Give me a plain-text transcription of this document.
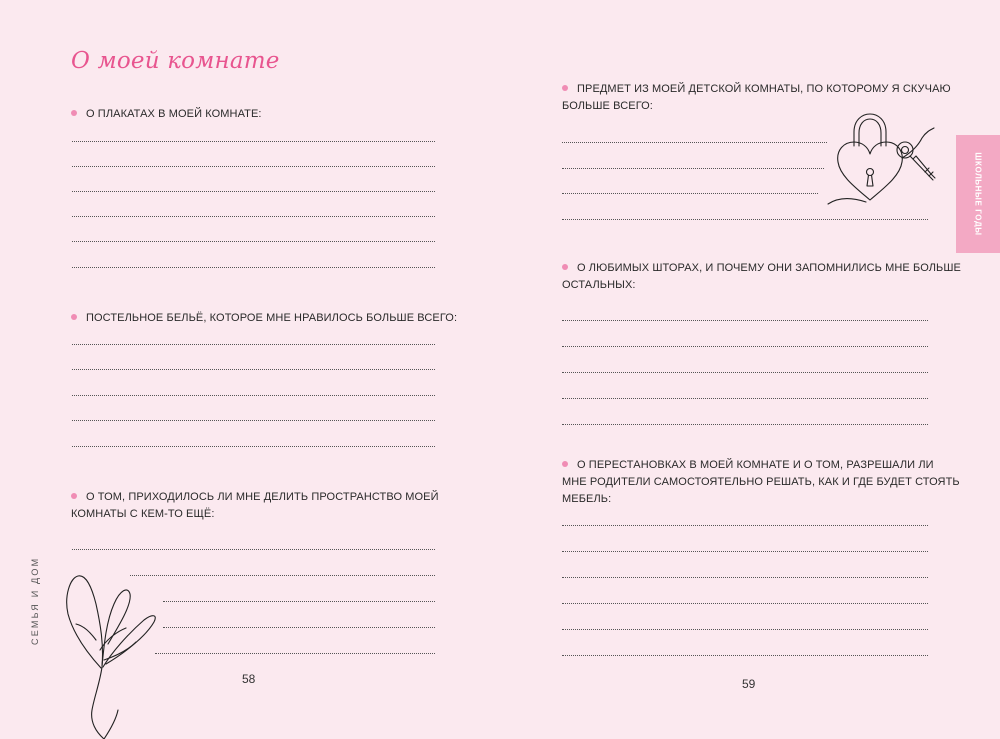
О моей комнате
О ПЛАКАТАХ В МОЕЙ КОМНАТЕ:
ПОСТЕЛЬНОЕ БЕЛЬЁ, КОТОРОЕ МНЕ НРАВИЛОСЬ БОЛЬШЕ ВСЕГО:
О ТОМ, ПРИХОДИЛОСЬ ЛИ МНЕ ДЕЛИТЬ ПРОСТРАНСТВО МОЕЙ
КОМНАТЫ С КЕМ-ТО ЕЩЁ:
58
СЕМЬЯ И ДОМ
ПРЕДМЕТ ИЗ МОЕЙ ДЕТСКОЙ КОМНАТЫ, ПО КОТОРОМУ Я СКУЧАЮ
БОЛЬШЕ ВСЕГО:
О ЛЮБИМЫХ ШТОРАХ, И ПОЧЕМУ ОНИ ЗАПОМНИЛИСЬ МНЕ БОЛЬШЕ
ОСТАЛЬНЫХ:
О ПЕРЕСТАНОВКАХ В МОЕЙ КОМНАТЕ И О ТОМ, РАЗРЕШАЛИ ЛИ
МНЕ РОДИТЕЛИ САМОСТОЯТЕЛЬНО РЕШАТЬ, КАК И ГДЕ БУДЕТ СТОЯТЬ
МЕБЕЛЬ:
59
ШКОЛЬНЫЕ ГОДЫ
